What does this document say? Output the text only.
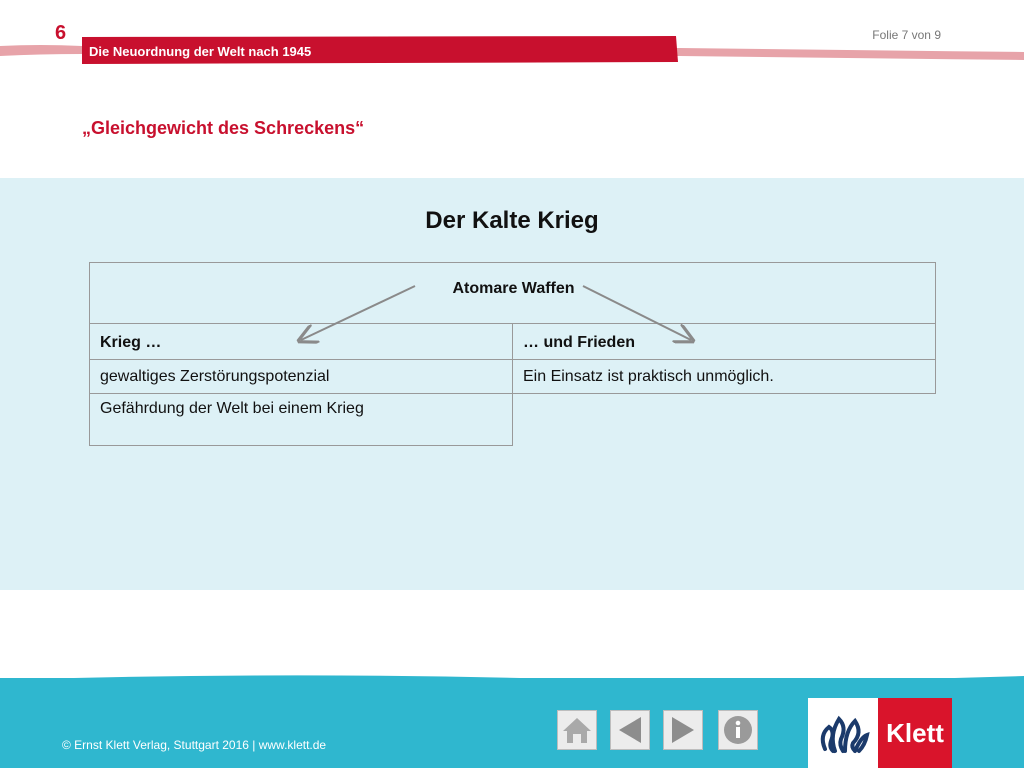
6
Die Neuordnung der Welt nach 1945
Folie 7 von 9
„Gleichgewicht des Schreckens“
Der Kalte Krieg
Atomare Waffen
Krieg …	… und Frieden
gewaltiges Zerstörungspotenzial	Ein Einsatz ist praktisch unmöglich.
Gefährdung der Welt bei einem Krieg
© Ernst Klett Verlag, Stuttgart 2016 | www.klett.de	Klett
